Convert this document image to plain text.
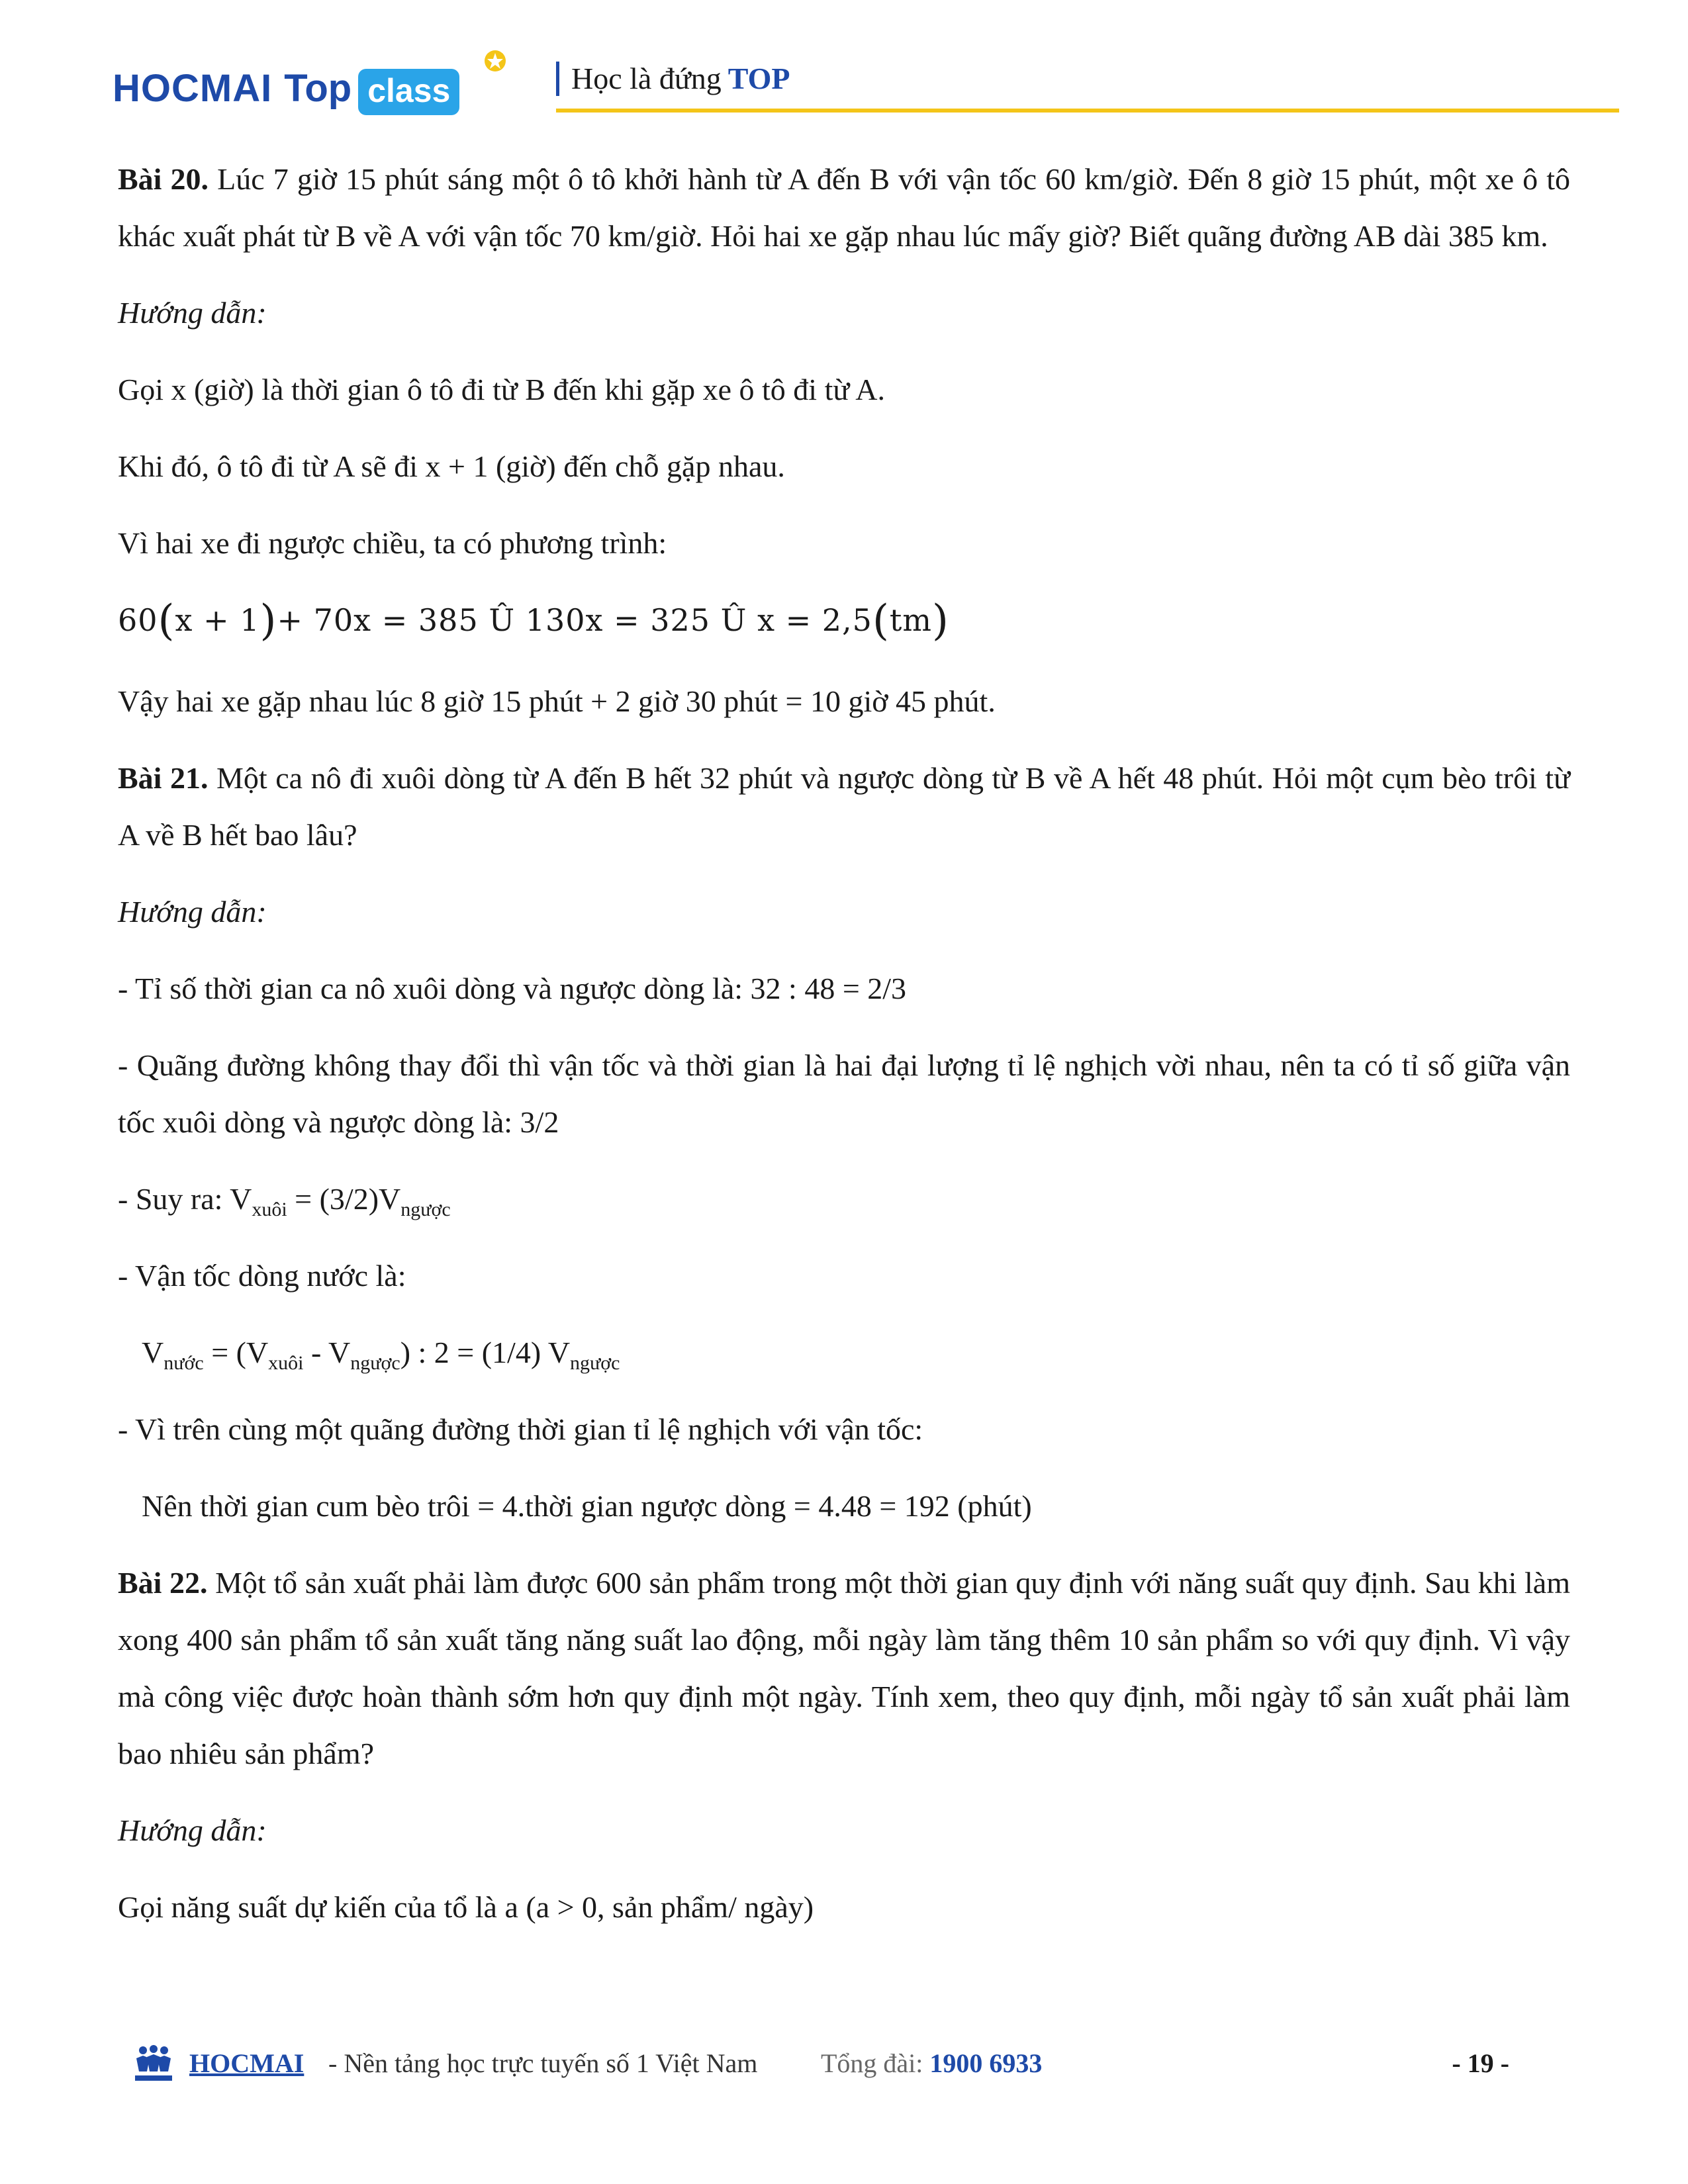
HOCMAI Top class	Học là đứng TOP

Bài 20. Lúc 7 giờ 15 phút sáng một ô tô khởi hành từ A đến B với vận tốc 60 km/giờ. Đến 8 giờ 15 phút, một xe ô tô khác xuất phát từ B về A với vận tốc 70 km/giờ. Hỏi hai xe gặp nhau lúc mấy giờ? Biết quãng đường AB dài 385 km.

Hướng dẫn:

Gọi x (giờ) là thời gian ô tô đi từ B đến khi gặp xe ô tô đi từ A.

Khi đó, ô tô đi từ A sẽ đi x + 1 (giờ) đến chỗ gặp nhau.

Vì hai xe đi ngược chiều, ta có phương trình:

60(x + 1)+ 70x = 385 Û 130x = 325 Û x = 2,5(tm)

Vậy hai xe gặp nhau lúc 8 giờ 15 phút + 2 giờ 30 phút = 10 giờ 45 phút.

Bài 21. Một ca nô đi xuôi dòng từ A đến B hết 32 phút và ngược dòng từ B về A hết 48 phút. Hỏi một cụm bèo trôi từ A về B hết bao lâu?

Hướng dẫn:

- Tỉ số thời gian ca nô xuôi dòng và ngược dòng là: 32 : 48 = 2/3

- Quãng đường không thay đổi thì vận tốc và thời gian là hai đại lượng tỉ lệ nghịch vời nhau, nên ta có tỉ số giữa vận tốc xuôi dòng và ngược dòng là: 3/2

- Suy ra: $V_{xuôi} = (3/2)V_{ngược}$

- Vận tốc dòng nước là:

$V_{nước} = (V_{xuôi} - V_{ngược})$ : 2 = (1/4) $V_{ngược}$

- Vì trên cùng một quãng đường thời gian tỉ lệ nghịch với vận tốc:

Nên thời gian cum bèo trôi = 4.thời gian ngược dòng = 4.48 = 192 (phút)

Bài 22. Một tổ sản xuất phải làm được 600 sản phẩm trong một thời gian quy định với năng suất quy định. Sau khi làm xong 400 sản phẩm tổ sản xuất tăng năng suất lao động, mỗi ngày làm tăng thêm 10 sản phẩm so với quy định. Vì vậy mà công việc được hoàn thành sớm hơn quy định một ngày. Tính xem, theo quy định, mỗi ngày tổ sản xuất phải làm bao nhiêu sản phẩm?

Hướng dẫn:

Gọi năng suất dự kiến của tổ là a (a > 0, sản phẩm/ ngày)

HOCMAI - Nền tảng học trực tuyến số 1 Việt Nam Tổng đài: 1900 6933	- 19 -
